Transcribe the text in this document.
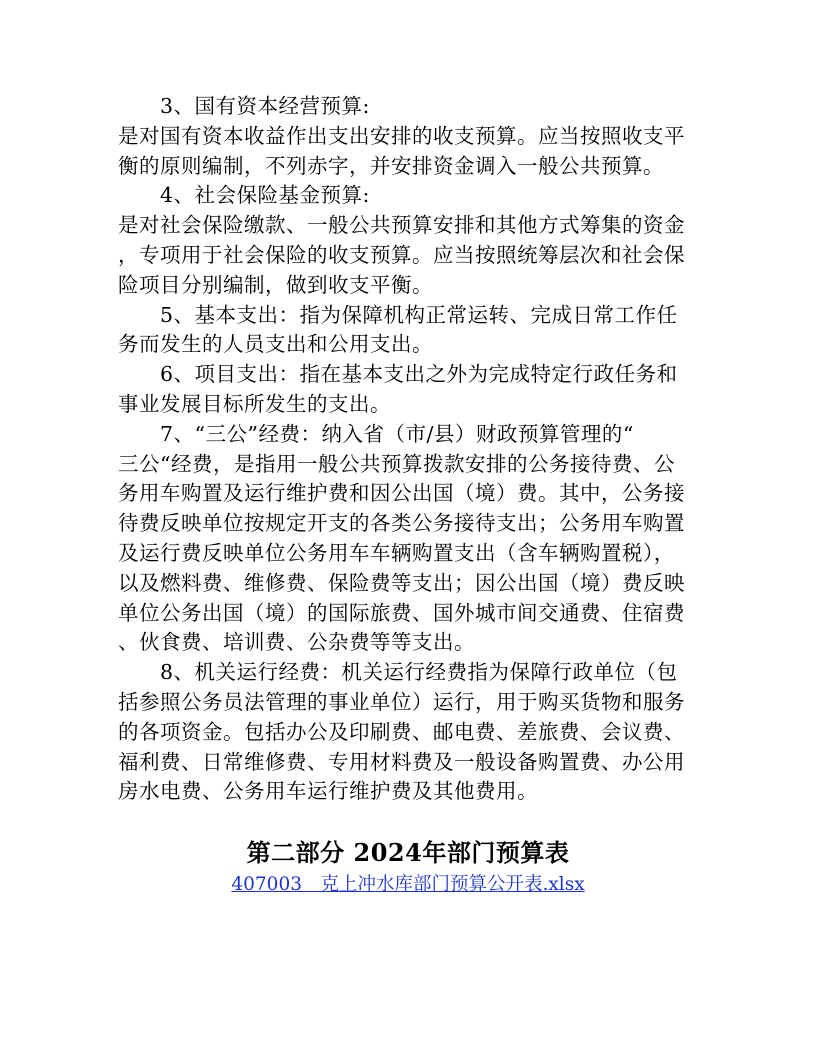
3、国有资本经营预算:
是对国有资本收益作出支出安排的收支预算。应当按照收支平
衡的原则编制，不列赤字，并安排资金调入一般公共预算。
4、社会保险基金预算:
是对社会保险缴款、一般公共预算安排和其他方式筹集的资金
，专项用于社会保险的收支预算。应当按照统筹层次和社会保
险项目分别编制，做到收支平衡。
5、基本支出：指为保障机构正常运转、完成日常工作任
务而发生的人员支出和公用支出。
6、项目支出：指在基本支出之外为完成特定行政任务和
事业发展目标所发生的支出。
7、“三公”经费：纳入省（市/县）财政预算管理的“
三公“经费，是指用一般公共预算拨款安排的公务接待费、公
务用车购置及运行维护费和因公出国（境）费。其中，公务接
待费反映单位按规定开支的各类公务接待支出；公务用车购置
及运行费反映单位公务用车车辆购置支出（含车辆购置税），
以及燃料费、维修费、保险费等支出；因公出国（境）费反映
单位公务出国（境）的国际旅费、国外城市间交通费、住宿费
、伙食费、培训费、公杂费等等支出。
8、机关运行经费：机关运行经费指为保障行政单位（包
括参照公务员法管理的事业单位）运行，用于购买货物和服务
的各项资金。包括办公及印刷费、邮电费、差旅费、会议费、
福利费、日常维修费、专用材料费及一般设备购置费、办公用
房水电费、公务用车运行维护费及其他费用。
第二部分 2024年部门预算表
407003　克上冲水库部门预算公开表.xlsx
